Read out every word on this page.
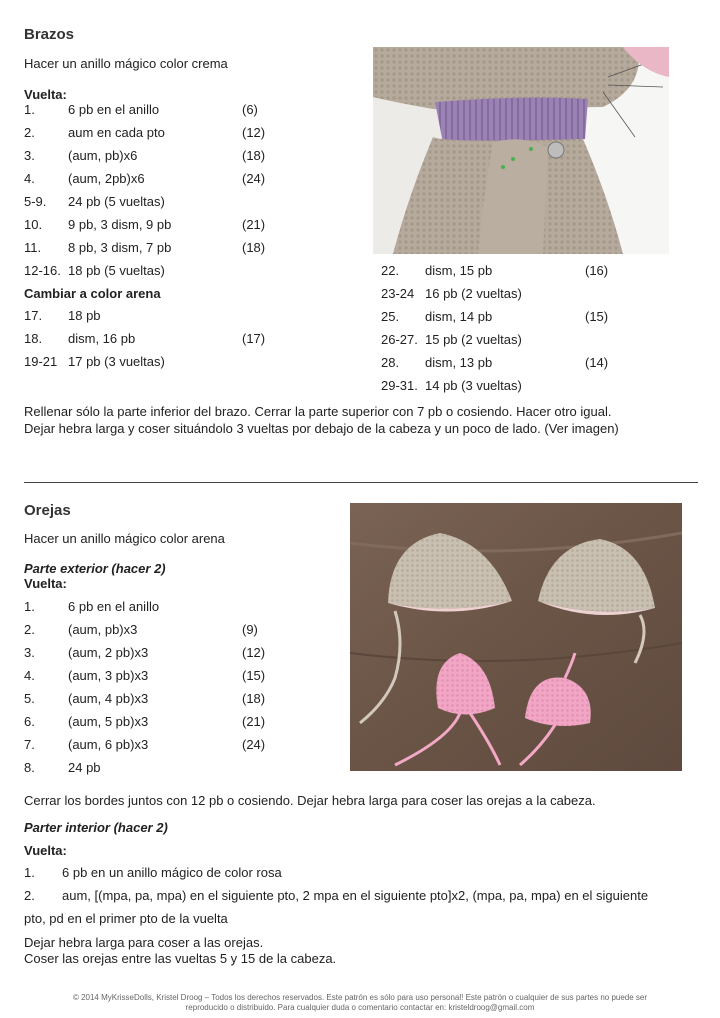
Brazos
Hacer un anillo mágico color crema
Vuelta:
1.	6 pb en el anillo	(6)
2.	aum en cada pto	(12)
3.	(aum, pb)x6	(18)
4.	(aum, 2pb)x6	(24)
5-9. 24 pb (5 vueltas)
10. 9 pb, 3 dism, 9 pb	(21)
11. 8 pb, 3 dism, 7 pb	(18)
12-16. 18 pb (5 vueltas)
Cambiar a color arena
17. 18 pb
18. dism, 16 pb	(17)
19-21 17 pb (3 vueltas)
22. dism, 15 pb	(16)
23-24 16 pb (2 vueltas)
25. dism, 14 pb	(15)
26-27. 15 pb (2 vueltas)
28. dism, 13 pb	(14)
29-31. 14 pb (3 vueltas)
Rellenar sólo la parte inferior del brazo. Cerrar la parte superior con 7 pb o cosiendo. Hacer otro igual.
Dejar hebra larga y coser situándolo 3 vueltas por debajo de la cabeza y un poco de lado. (Ver imagen)
Orejas
Hacer un anillo mágico color arena
Parte exterior (hacer 2)
Vuelta:
1.	6 pb en el anillo
2.	(aum, pb)x3	(9)
3.	(aum, 2 pb)x3	(12)
4.	(aum, 3 pb)x3	(15)
5.	(aum, 4 pb)x3	(18)
6.	(aum, 5 pb)x3	(21)
7.	(aum, 6 pb)x3	(24)
8.	24 pb
Cerrar los bordes juntos con 12 pb o cosiendo. Dejar hebra larga para coser las orejas a la cabeza.
Parter interior (hacer 2)
Vuelta:
1. 6 pb en un anillo mágico de color rosa
2. aum, [(mpa, pa, mpa) en el siguiente pto, 2 mpa en el siguiente pto]x2, (mpa, pa, mpa) en el siguiente
pto, pd en el primer pto de la vuelta
Dejar hebra larga para coser a las orejas.
Coser las orejas entre las vueltas 5 y 15 de la cabeza.
© 2014 MyKrisseDolls, Kristel Droog – Todos los derechos reservados. Este patrón es sólo para uso personal! Este patrón o cualquier de sus partes no puede ser
reproducido o distribuido. Para cualquier duda o comentario contactar en: kristeldroog@gmail.com
